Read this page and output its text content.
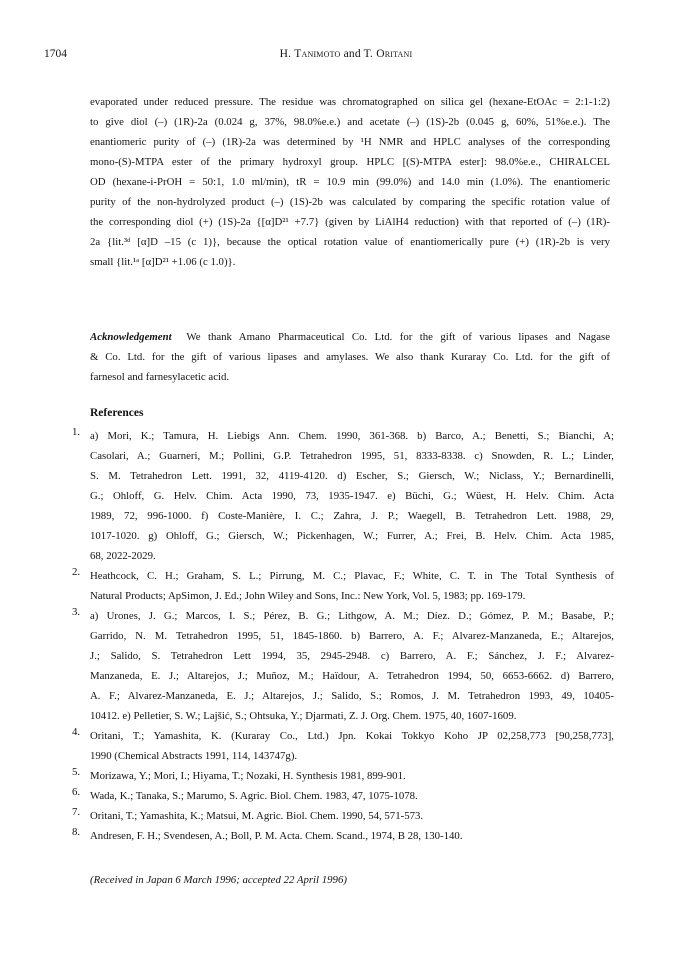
1704	H. Tanimoto and T. Oritani
evaporated under reduced pressure. The residue was chromatographed on silica gel (hexane-EtOAc = 2:1-1:2)
to give diol (–) (1R)-2a (0.024 g, 37%, 98.0%e.e.) and acetate (–) (1S)-2b (0.045 g, 60%, 51%e.e.). The
enantiomeric purity of (–) (1R)-2a was determined by ¹H NMR and HPLC analyses of the corresponding
mono-(S)-MTPA ester of the primary hydroxyl group. HPLC [(S)-MTPA ester]: 98.0%e.e., CHIRALCEL
OD (hexane-i-PrOH = 50:1, 1.0 ml/min), tR = 10.9 min (99.0%) and 14.0 min (1.0%). The enantiomeric
purity of the non-hydrolyzed product (–) (1S)-2b was calculated by comparing the specific rotation value of
the corresponding diol (+) (1S)-2a {[α]D²¹ +7.7} (given by LiAlH4 reduction) with that reported of (–) (1R)-
2a {lit.³ᵈ [α]D –15 (c 1)}, because the optical rotation value of enantiomerically pure (+) (1R)-2b is very
small {lit.¹ᵃ [α]D²¹ +1.06 (c 1.0)}.
Acknowledgement We thank Amano Pharmaceutical Co. Ltd. for the gift of various lipases and Nagase
& Co. Ltd. for the gift of various lipases and amylases. We also thank Kuraray Co. Ltd. for the gift of
farnesol and farnesylacetic acid.
References
1. a) Mori, K.; Tamura, H. Liebigs Ann. Chem. 1990, 361-368. b) Barco, A.; Benetti, S.; Bianchi, A;
Casolari, A.; Guarneri, M.; Pollini, G.P. Tetrahedron 1995, 51, 8333-8338. c) Snowden, R. L.; Linder,
S. M. Tetrahedron Lett. 1991, 32, 4119-4120. d) Escher, S.; Giersch, W.; Niclass, Y.; Bernardinelli,
G.; Ohloff, G. Helv. Chim. Acta 1990, 73, 1935-1947. e) Büchi, G.; Wüest, H. Helv. Chim. Acta
1989, 72, 996-1000. f) Coste-Manière, I. C.; Zahra, J. P.; Waegell, B. Tetrahedron Lett. 1988, 29,
1017-1020. g) Ohloff, G.; Giersch, W.; Pickenhagen, W.; Furrer, A.; Frei, B. Helv. Chim. Acta 1985,
68, 2022-2029.
2. Heathcock, C. H.; Graham, S. L.; Pirrung, M. C.; Plavac, F.; White, C. T. in The Total Synthesis of
Natural Products; ApSimon, J. Ed.; John Wiley and Sons, Inc.: New York, Vol. 5, 1983; pp. 169-179.
3. a) Urones, J. G.; Marcos, I. S.; Pérez, B. G.; Lithgow, A. M.; Díez. D.; Gómez, P. M.; Basabe, P.;
Garrido, N. M. Tetrahedron 1995, 51, 1845-1860. b) Barrero, A. F.; Alvarez-Manzaneda, E.; Altarejos,
J.; Salido, S. Tetrahedron Lett 1994, 35, 2945-2948. c) Barrero, A. F.; Sánchez, J. F.; Alvarez-
Manzaneda, E. J.; Altarejos, J.; Muñoz, M.; Haïdour, A. Tetrahedron 1994, 50, 6653-6662. d) Barrero,
A. F.; Alvarez-Manzaneda, E. J.; Altarejos, J.; Salido, S.; Romos, J. M. Tetrahedron 1993, 49, 10405-
10412. e) Pelletier, S. W.; Lajšić, S.; Ohtsuka, Y.; Djarmati, Z. J. Org. Chem. 1975, 40, 1607-1609.
4. Oritani, T.; Yamashita, K. (Kuraray Co., Ltd.) Jpn. Kokai Tokkyo Koho JP 02,258,773 [90,258,773],
1990 (Chemical Abstracts 1991, 114, 143747g).
5. Morizawa, Y.; Mori, I.; Hiyama, T.; Nozaki, H. Synthesis 1981, 899-901.
6. Wada, K.; Tanaka, S.; Marumo, S. Agric. Biol. Chem. 1983, 47, 1075-1078.
7. Oritani, T.; Yamashita, K.; Matsui, M. Agric. Biol. Chem. 1990, 54, 571-573.
8. Andresen, F. H.; Svendesen, A.; Boll, P. M. Acta. Chem. Scand., 1974, B 28, 130-140.
(Received in Japan 6 March 1996; accepted 22 April 1996)
